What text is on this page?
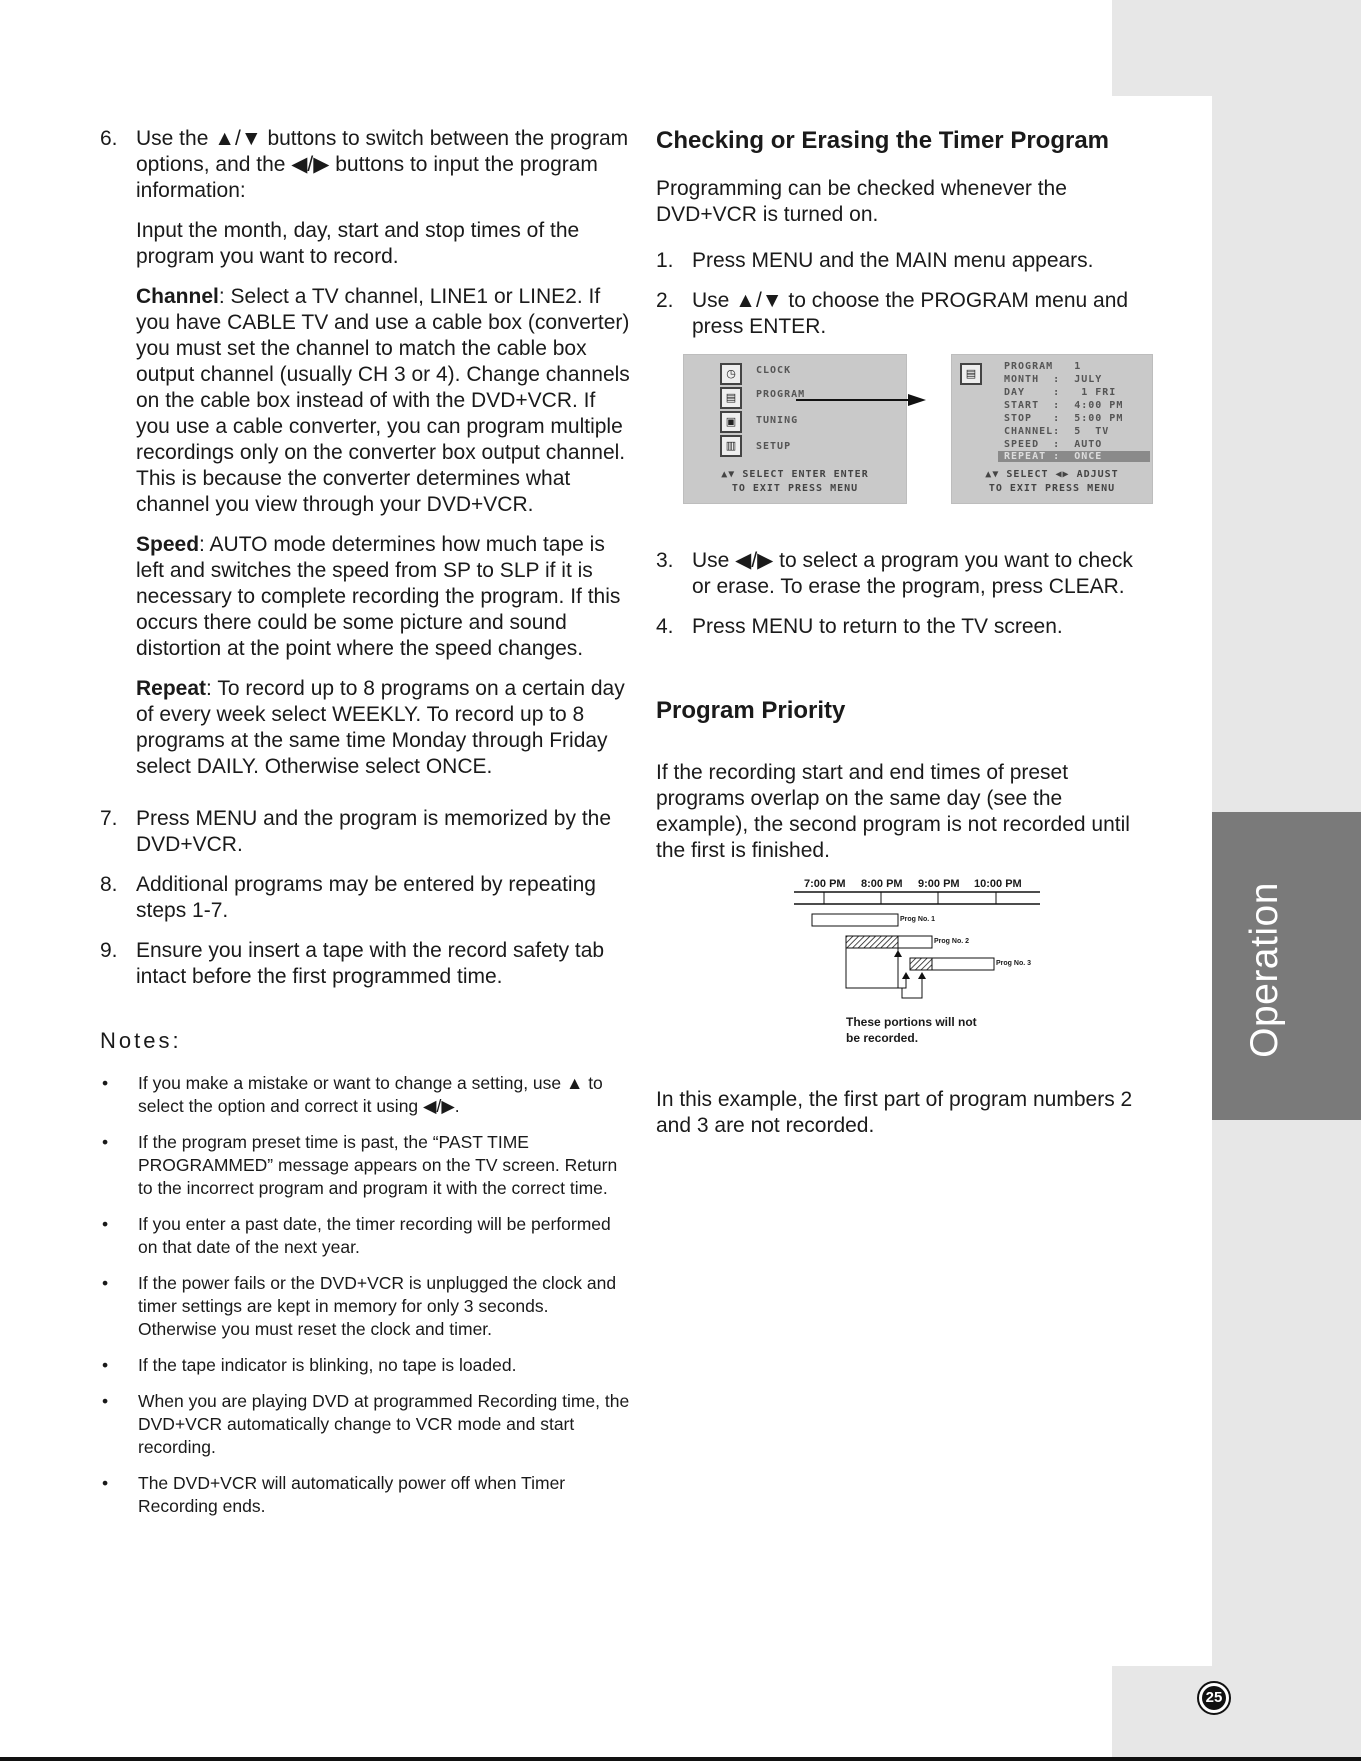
Operation
25
6. Use the ▲/▼ buttons to switch between the program options, and the ◀/▶ buttons to input the program information:

Input the month, day, start and stop times of the program you want to record.

Channel: Select a TV channel, LINE1 or LINE2. If you have CABLE TV and use a cable box (converter) you must set the channel to match the cable box output channel (usually CH 3 or 4). Change channels on the cable box instead of with the DVD+VCR. If you use a cable converter, you can program multiple recordings only on the converter box output channel. This is because the converter determines what channel you view through your DVD+VCR.

Speed: AUTO mode determines how much tape is left and switches the speed from SP to SLP if it is necessary to complete recording the program. If this occurs there could be some picture and sound distortion at the point where the speed changes.

Repeat: To record up to 8 programs on a certain day of every week select WEEKLY. To record up to 8 programs at the same time Monday through Friday select DAILY. Otherwise select ONCE.

7. Press MENU and the program is memorized by the DVD+VCR.
8. Additional programs may be entered by repeating steps 1-7.
9. Ensure you insert a tape with the record safety tab intact before the first programmed time.
Notes:
•	If you make a mistake or want to change a setting, use ▲ to select the option and correct it using ◀/▶.
•	If the program preset time is past, the “PAST TIME PROGRAMMED” message appears on the TV screen. Return to the incorrect program and program it with the correct time.
•	If you enter a past date, the timer recording will be performed on that date of the next year.
•	If the power fails or the DVD+VCR is unplugged the clock and timer settings are kept in memory for only 3 seconds. Otherwise you must reset the clock and timer.
•	If the tape indicator is blinking, no tape is loaded.
•	When you are playing DVD at programmed Recording time, the DVD+VCR automatically change to VCR mode and start recording.
•	The DVD+VCR will automatically power off when Timer Recording ends.
Checking or Erasing the Timer Program

Programming can be checked whenever the DVD+VCR is turned on.

1. Press MENU and the MAIN menu appears.
2. Use ▲/▼ to choose the PROGRAM menu and press ENTER.
◷
▤
▣
▥
CLOCK
PROGRAM
TUNING
SETUP
▲▼ SELECT ENTER ENTER
TO EXIT PRESS MENU
▤
PROGRAM   1
MONTH  :  JULY
DAY    :   1 FRI
START  :  4:00 PM
STOP   :  5:00 PM
CHANNEL:  5  TV
SPEED  :  AUTO
REPEAT :  ONCE
▲▼ SELECT ◀▶ ADJUST
TO EXIT PRESS MENU
3. Use ◀/▶ to select a program you want to check or erase. To erase the program, press CLEAR.
4. Press MENU to return to the TV screen.
Program Priority

If the recording start and end times of preset programs overlap on the same day (see the example), the second program is not recorded until the first is finished.

7:00 PM 8:00 PM 9:00 PM 10:00 PM
Prog No. 1
Prog No. 2
Prog No. 3
These portions will not be recorded.

In this example, the first part of program numbers 2 and 3 are not recorded.
